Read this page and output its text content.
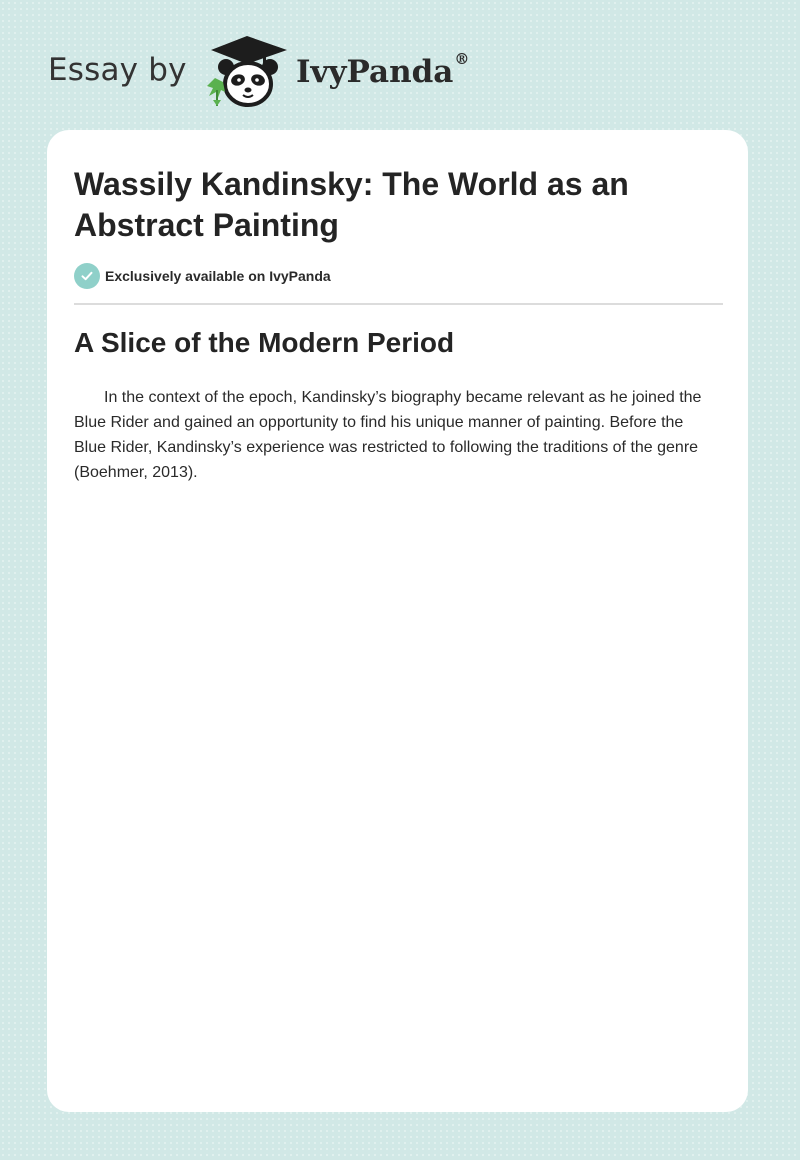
Essay by	IvyPanda®
Wassily Kandinsky: The World as an Abstract Painting
Exclusively available on IvyPanda
A Slice of the Modern Period

In the context of the epoch, Kandinsky’s biography became relevant as he joined the Blue Rider and gained an opportunity to find his unique manner of painting. Before the Blue Rider, Kandinsky’s experience was restricted to following the traditions of the genre (Boehmer, 2013).
